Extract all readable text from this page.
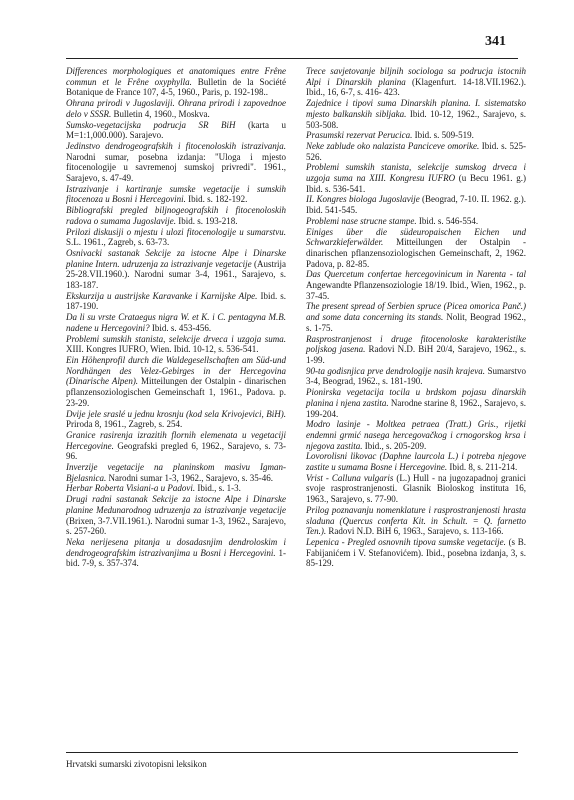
341

Differences morphologiques et anatomiques entre Frêne commun et le Frêne oxyphylla. Bulletin de la Société Botanique de France 107, 4-5, 1960., Paris, p. 192-198..

Ohrana prirodi v Jugoslaviji. Ohrana prirodi i zapovednoe delo v SSSR. Bulletin 4, 1960., Moskva.

Sumsko-vegetacijska podrucja SR BiH (karta u M=1:1,000.000). Sarajevo.

Jedinstvo dendrogeografskih i fitocenoloskih istrazivanja. Narodni sumar, posebna izdanja: "Uloga i mjesto fitocenologije u savremenoj sumskoj privredi". 1961., Sarajevo, s. 47-49.

Istrazivanje i kartiranje sumske vegetacije i sumskih fitocenoza u Bosni i Hercegovini. Ibid. s. 182-192.

Bibliografski pregled biljnogeografskih i fitocenoloskih radova o sumama Jugoslavije. Ibid. s. 193-218.

Prilozi diskusiji o mjestu i ulozi fitocenologije u sumarstvu. S.L. 1961., Zagreb, s. 63-73.

Osnivacki sastanak Sekcije za istocne Alpe i Dinarske planine Intern. udruzenja za istrazivanje vegetacije (Austrija 25-28.VII.1960.). Narodni sumar 3-4, 1961., Sarajevo, s. 183-187.

Ekskurzija u austrijske Karavanke i Karnijske Alpe. Ibid. s. 187-190.

Da li su vrste Crataegus nigra W. et K. i C. pentagyna M.B. nadene u Hercegovini? Ibid. s. 453-456.

Problemi sumskih stanista, selekcije drveca i uzgoja suma. XIII. Kongres IUFRO, Wien. Ibid. 10-12, s. 536-541.

Ein Höhenprofil durch die Waldegesellschaften am Süd-und Nordhängen des Velez-Gebirges in der Hercegovina (Dinarische Alpen). Mitteilungen der Ostalpin - dinarischen pflanzensoziologischen Gemeinschaft 1, 1961., Padova. p. 23-29.

Dvije jele sraslé u jednu krosnju (kod sela Krivojevici, BiH). Priroda 8, 1961., Zagreb, s. 254.

Granice rasirenja izrazitih flornih elemenata u vegetaciji Hercegovine. Geografski pregled 6, 1962., Sarajevo, s. 73- 96.

Inverzije vegetacije na planinskom masivu Igman-Bjelasnica. Narodni sumar 1-3, 1962., Sarajevo, s. 35-46.

Herbar Roberta Visiani-a u Padovi. Ibid., s. 1-3.

Drugi radni sastanak Sekcije za istocne Alpe i Dinarske planine Medunarodnog udruzenja za istrazivanje vegetacije (Brixen, 3-7.VII.1961.). Narodni sumar 1-3, 1962., Sarajevo, s. 257-260.

Neka nerijesena pitanja u dosadasnjim dendroloskim i dendrogeografskim istrazivanjima u Bosni i Hercegovini. 1- bid. 7-9, s. 357-374.

Trece savjetovanje biljnih sociologa sa podrucja istocnih Alpi i Dinarskih planina (Klagenfurt. 14-18.VII.1962.). Ibid., 16, 6-7, s. 416- 423.

Zajednice i tipovi suma Dinarskih planina. I. sistematsko mjesto balkanskih sibljaka. Ibid. 10-12, 1962., Sarajevo, s. 503-508.

Prasumski rezervat Perucica. Ibid. s. 509-519.

Neke zablude oko nalazista Panciceve omorike. Ibid. s. 525-526.

Problemi sumskih stanista, selekcije sumskog drveca i uzgoja suma na XIII. Kongresu IUFRO (u Becu 1961. g.) Ibid. s. 536-541.

II. Kongres biologa Jugoslavije (Beograd, 7-10. II. 1962. g.). Ibid. 541-545.

Problemi nase strucne stampe. Ibid. s. 546-554.

Einiges über die südeuropaischen Eichen und Schwarzkieferwälder. Mitteilungen der Ostalpin - dinarischen pflanzensoziologischen Gemeinschaft, 2, 1962. Padova, p. 82-85.

Das Quercetum confertae hercegovinicum in Narenta - tal Angewandte Pflanzensoziologie 18/19. Ibid., Wien, 1962., p. 37-45.

The present spread of Serbien spruce (Picea omorica Panč.) and some data concerning its stands. Nolit, Beograd 1962., s. 1-75.

Rasprostranjenost i druge fitocenoloske karakteristike poljskog jasena. Radovi N.D. BiH 20/4, Sarajevo, 1962., s. 1-99.

90-ta godisnjica prve dendrologije nasih krajeva. Sumarstvo 3-4, Beograd, 1962., s. 181-190.

Pionirska vegetacija tocila u brdskom pojasu dinarskih planina i njena zastita. Narodne starine 8, 1962., Sarajevo, s. 199-204.

Modro lasinje - Moltkea petraea (Tratt.) Gris., rijetki endemni grmić nasega hercegovačkog i crnogorskog krsa i njegova zastita. Ibid., s. 205-209.

Lovorolisni likovac (Daphne laurcola L.) i potreba njegove zastite u sumama Bosne i Hercegovine. Ibid. 8, s. 211-214.

Vrist - Calluna vulgaris (L.) Hull - na jugozapadnoj granici svoje rasprostranjenosti. Glasnik Bioloskog instituta 16, 1963., Sarajevo, s. 77-90.

Prilog poznavanju nomenklature i rasprostranjenosti hrasta sladuna (Quercus conferta Kit. in Schult. = Q. farnetto Ten.). Radovi N.D. BiH 6, 1963., Sarajevo, s. 113-166.

Lepenica - Pregled osnovnih tipova sumske vegetacije. (s B. Fabijanićem i V. Stefanovićem). Ibid., posebna izdanja, 3, s. 85-129.

Hrvatski sumarski zivotopisni leksikon
